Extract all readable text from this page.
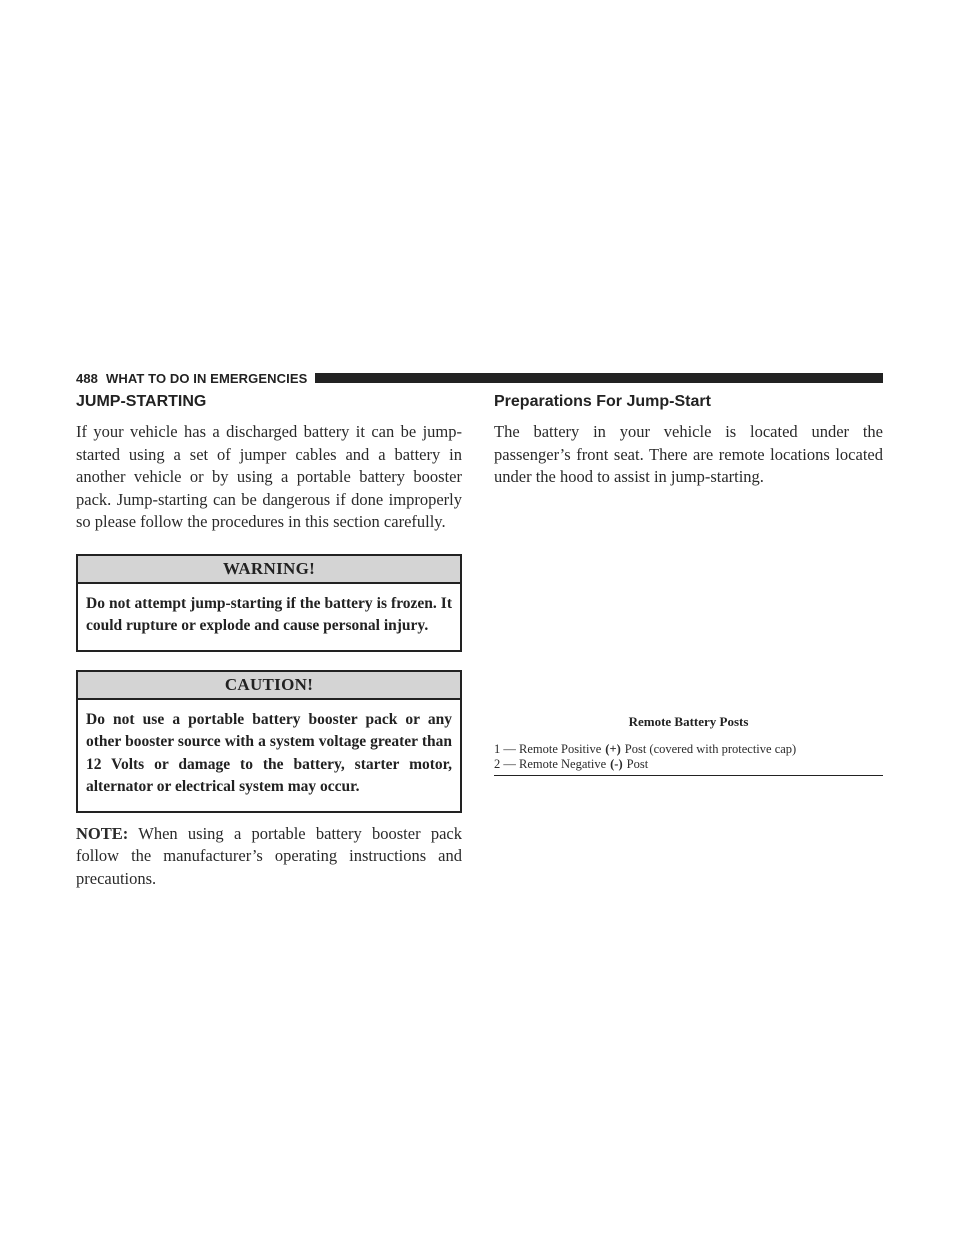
488 WHAT TO DO IN EMERGENCIES
JUMP-STARTING

If your vehicle has a discharged battery it can be jump-started using a set of jumper cables and a battery in another vehicle or by using a portable battery booster pack. Jump-starting can be dangerous if done improperly so please follow the procedures in this section carefully.

WARNING!
Do not attempt jump-starting if the battery is frozen. It could rupture or explode and cause personal injury.
CAUTION!
Do not use a portable battery booster pack or any other booster source with a system voltage greater than 12 Volts or damage to the battery, starter motor, alternator or electrical system may occur.

NOTE: When using a portable battery booster pack follow the manufacturer’s operating instructions and precautions.

Preparations For Jump-Start

The battery in your vehicle is located under the passenger’s front seat. There are remote locations located under the hood to assist in jump-starting.

Remote Battery Posts
1 — Remote Positive (+) Post (covered with protective cap)
2 — Remote Negative (-) Post
